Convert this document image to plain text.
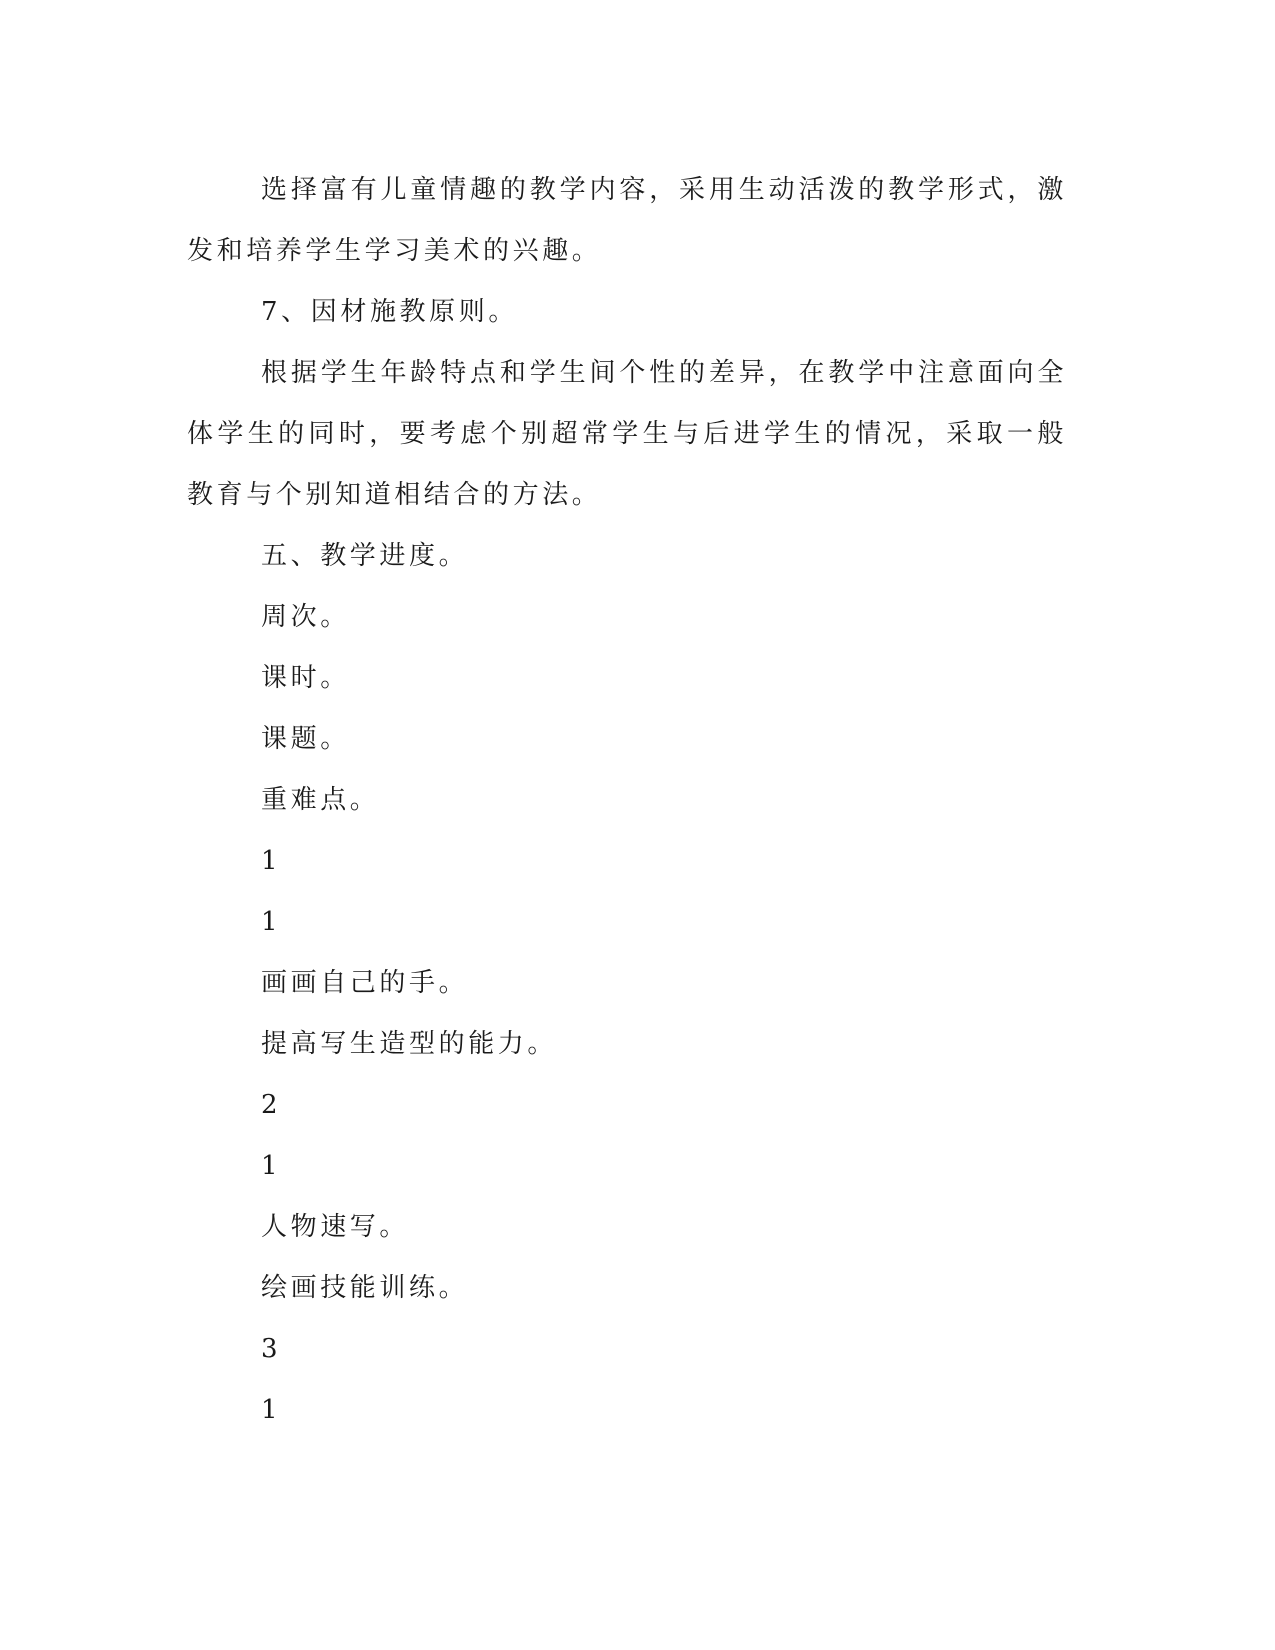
选择富有儿童情趣的教学内容，采用生动活泼的教学形式，激发和培养学生学习美术的兴趣。

7、因材施教原则。

根据学生年龄特点和学生间个性的差异，在教学中注意面向全体学生的同时，要考虑个别超常学生与后进学生的情况，采取一般教育与个别知道相结合的方法。

五、教学进度。

周次。

课时。

课题。

重难点。

1

1

画画自己的手。

提高写生造型的能力。

2

1

人物速写。

绘画技能训练。

3

1
